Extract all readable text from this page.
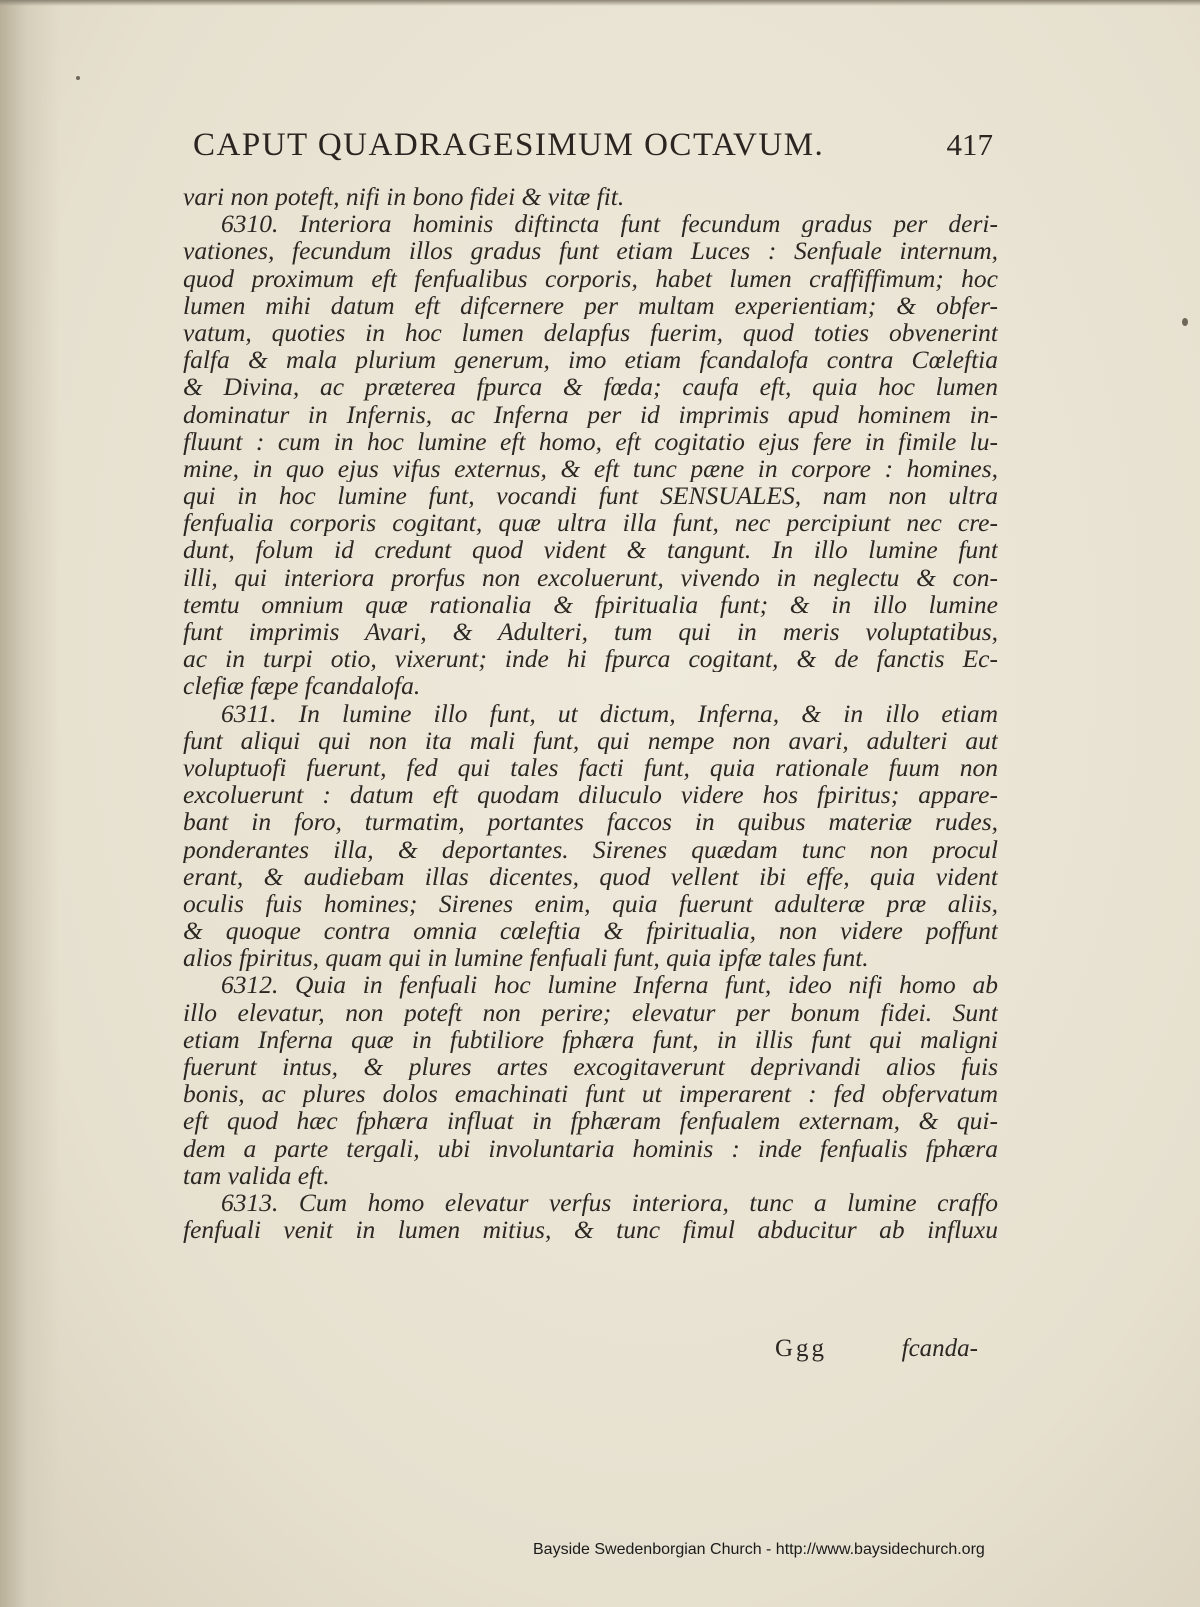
CAPUT QUADRAGESIMUM OCTAVUM.	417
vari non poteft, nifi in bono fidei & vitæ fit.
6310. Interiora hominis diftincta funt fecundum gradus per deri-
vationes, fecundum illos gradus funt etiam Luces : Senfuale internum,
quod proximum eft fenfualibus corporis, habet lumen craffiffimum; hoc
lumen mihi datum eft difcernere per multam experientiam; & obfer-
vatum, quoties in hoc lumen delapfus fuerim, quod toties obvenerint
falfa & mala plurium generum, imo etiam fcandalofa contra Cœleftia
& Divina, ac præterea fpurca & fœda; caufa eft, quia hoc lumen
dominatur in Infernis, ac Inferna per id imprimis apud hominem in-
fluunt : cum in hoc lumine eft homo, eft cogitatio ejus fere in fimile lu-
mine, in quo ejus vifus externus, & eft tunc pæne in corpore : homines,
qui in hoc lumine funt, vocandi funt SENSUALES, nam non ultra
fenfualia corporis cogitant, quæ ultra illa funt, nec percipiunt nec cre-
dunt, folum id credunt quod vident & tangunt. In illo lumine funt
illi, qui interiora prorfus non excoluerunt, vivendo in neglectu & con-
temtu omnium quæ rationalia & fpiritualia funt; & in illo lumine
funt imprimis Avari, & Adulteri, tum qui in meris voluptatibus,
ac in turpi otio, vixerunt; inde hi fpurca cogitant, & de fanctis Ec-
clefiæ fæpe fcandalofa.
6311. In lumine illo funt, ut dictum, Inferna, & in illo etiam
funt aliqui qui non ita mali funt, qui nempe non avari, adulteri aut
voluptuofi fuerunt, fed qui tales facti funt, quia rationale fuum non
excoluerunt : datum eft quodam diluculo videre hos fpiritus; appare-
bant in foro, turmatim, portantes faccos in quibus materiæ rudes,
ponderantes illa, & deportantes. Sirenes quædam tunc non procul
erant, & audiebam illas dicentes, quod vellent ibi effe, quia vident
oculis fuis homines; Sirenes enim, quia fuerunt adulteræ præ aliis,
& quoque contra omnia cœleftia & fpiritualia, non videre poffunt
alios fpiritus, quam qui in lumine fenfuali funt, quia ipfæ tales funt.
6312. Quia in fenfuali hoc lumine Inferna funt, ideo nifi homo ab
illo elevatur, non poteft non perire; elevatur per bonum fidei. Sunt
etiam Inferna quæ in fubtiliore fphæra funt, in illis funt qui maligni
fuerunt intus, & plures artes excogitaverunt deprivandi alios fuis
bonis, ac plures dolos emachinati funt ut imperarent : fed obfervatum
eft quod hæc fphæra influat in fphæram fenfualem externam, & qui-
dem a parte tergali, ubi involuntaria hominis : inde fenfualis fphæra
tam valida eft.
6313. Cum homo elevatur verfus interiora, tunc a lumine craffo
fenfuali venit in lumen mitius, & tunc fimul abducitur ab influxu
Ggg	fcanda-
Bayside Swedenborgian Church - http://www.baysidechurch.org
